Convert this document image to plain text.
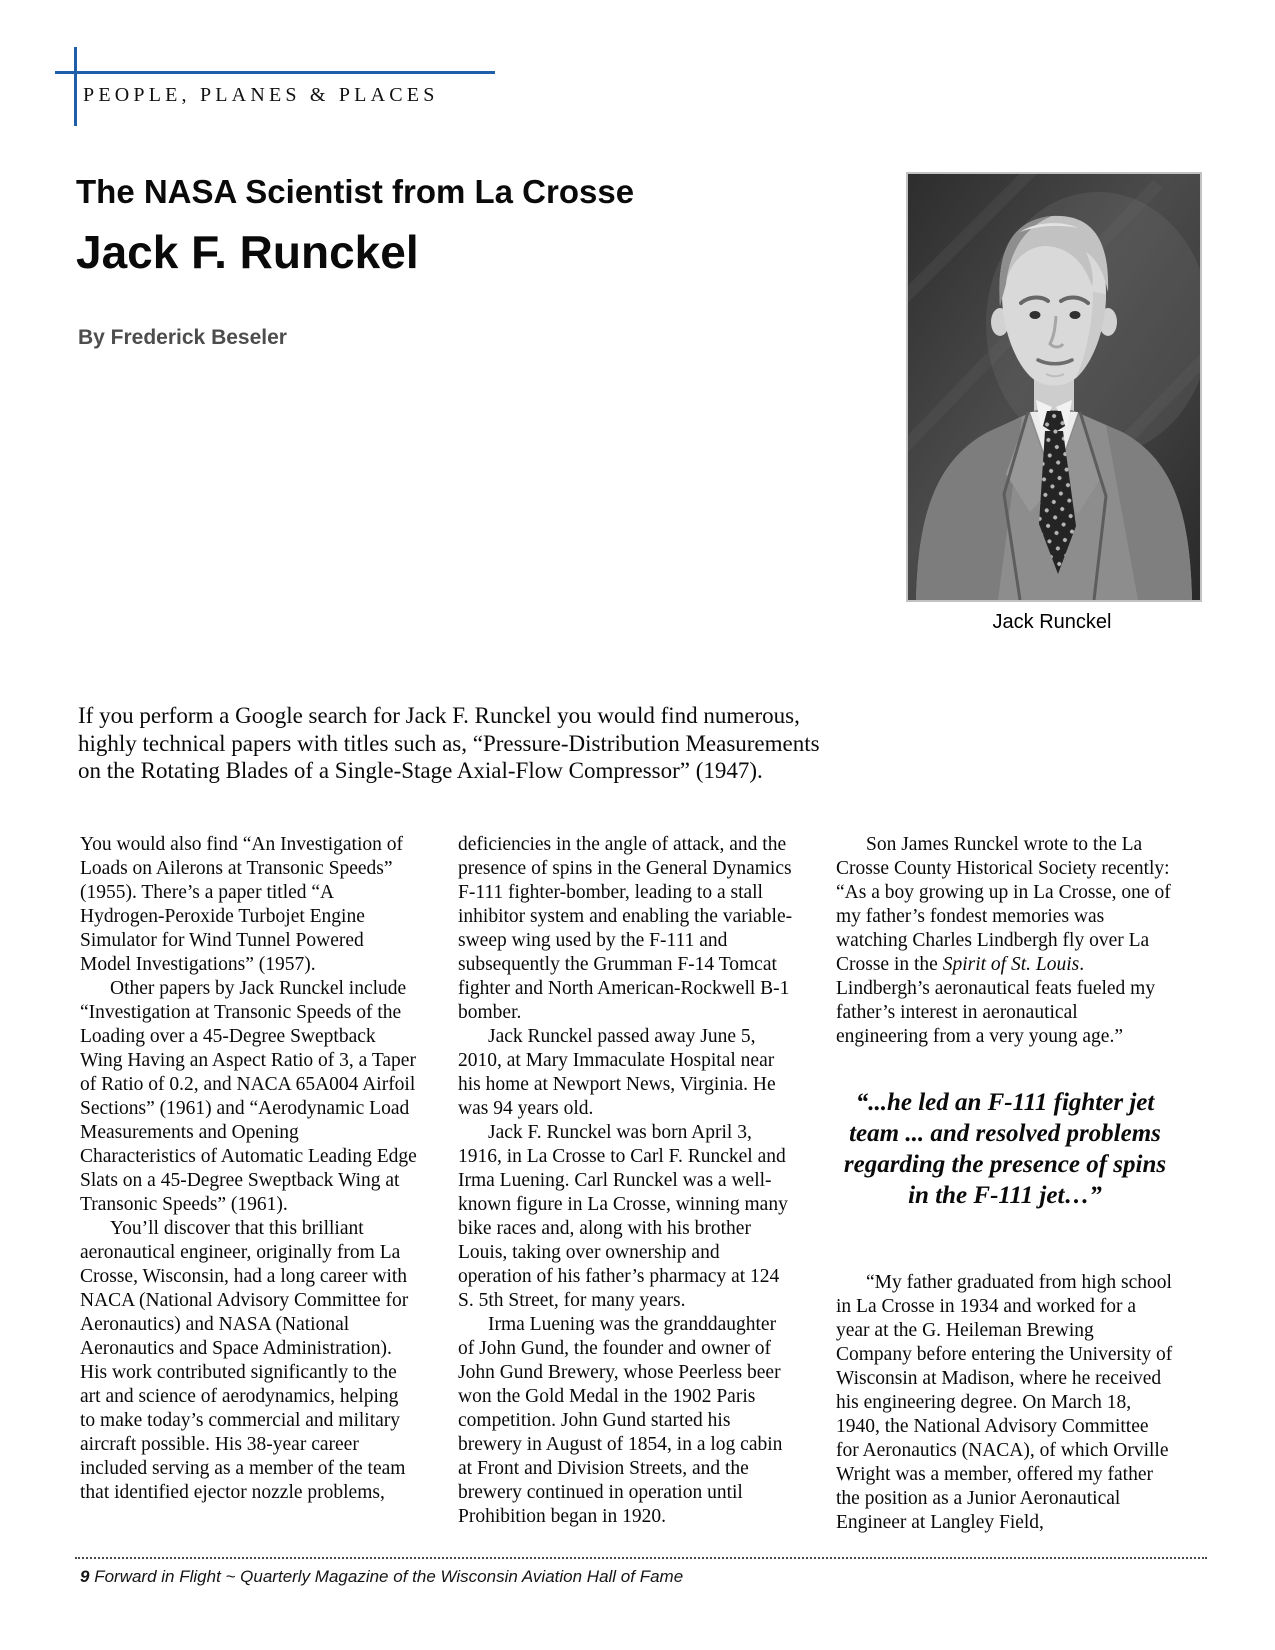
PEOPLE, PLANES & PLACES
The NASA Scientist from La Crosse
Jack F. Runckel
By Frederick Beseler
Jack Runckel

If you perform a Google search for Jack F. Runckel you would find numerous, highly technical papers with titles such as, “Pressure-Distribution Measurements on the Rotating Blades of a Single-Stage Axial-Flow Compressor” (1947).

You would also find “An Investigation of Loads on Ailerons at Transonic Speeds” (1955). There’s a paper titled “A Hydrogen-Peroxide Turbojet Engine Simulator for Wind Tunnel Powered Model Investigations” (1957).

Other papers by Jack Runckel include “Investigation at Transonic Speeds of the Loading over a 45-Degree Sweptback Wing Having an Aspect Ratio of 3, a Taper of Ratio of 0.2, and NACA 65A004 Airfoil Sections” (1961) and “Aerodynamic Load Measurements and Opening Characteristics of Automatic Leading Edge Slats on a 45-Degree Sweptback Wing at Transonic Speeds” (1961).

You’ll discover that this brilliant aeronautical engineer, originally from La Crosse, Wisconsin, had a long career with NACA (National Advisory Committee for Aeronautics) and NASA (National Aeronautics and Space Administration). His work contributed significantly to the art and science of aerodynamics, helping to make today’s commercial and military aircraft possible. His 38-year career included serving as a member of the team that identified ejector nozzle problems,

deficiencies in the angle of attack, and the presence of spins in the General Dynamics F-111 fighter-bomber, leading to a stall inhibitor system and enabling the variable-sweep wing used by the F-111 and subsequently the Grumman F-14 Tomcat fighter and North American-Rockwell B-1 bomber.

Jack Runckel passed away June 5, 2010, at Mary Immaculate Hospital near his home at Newport News, Virginia. He was 94 years old.

Jack F. Runckel was born April 3, 1916, in La Crosse to Carl F. Runckel and Irma Luening. Carl Runckel was a well-known figure in La Crosse, winning many bike races and, along with his brother Louis, taking over ownership and operation of his father’s pharmacy at 124 S. 5th Street, for many years.

Irma Luening was the granddaughter of John Gund, the founder and owner of John Gund Brewery, whose Peerless beer won the Gold Medal in the 1902 Paris competition. John Gund started his brewery in August of 1854, in a log cabin at Front and Division Streets, and the brewery continued in operation until Prohibition began in 1920.

Son James Runckel wrote to the La Crosse County Historical Society recently: “As a boy growing up in La Crosse, one of my father’s fondest memories was watching Charles Lindbergh fly over La Crosse in the Spirit of St. Louis. Lindbergh’s aeronautical feats fueled my father’s interest in aeronautical engineering from a very young age.”

“...he led an F-111 fighter jet team ... and resolved problems regarding the presence of spins in the F-111 jet…”

“My father graduated from high school in La Crosse in 1934 and worked for a year at the G. Heileman Brewing Company before entering the University of Wisconsin at Madison, where he received his engineering degree. On March 18, 1940, the National Advisory Committee for Aeronautics (NACA), of which Orville Wright was a member, offered my father the position as a Junior Aeronautical Engineer at Langley Field,

9 Forward in Flight ~ Quarterly Magazine of the Wisconsin Aviation Hall of Fame
